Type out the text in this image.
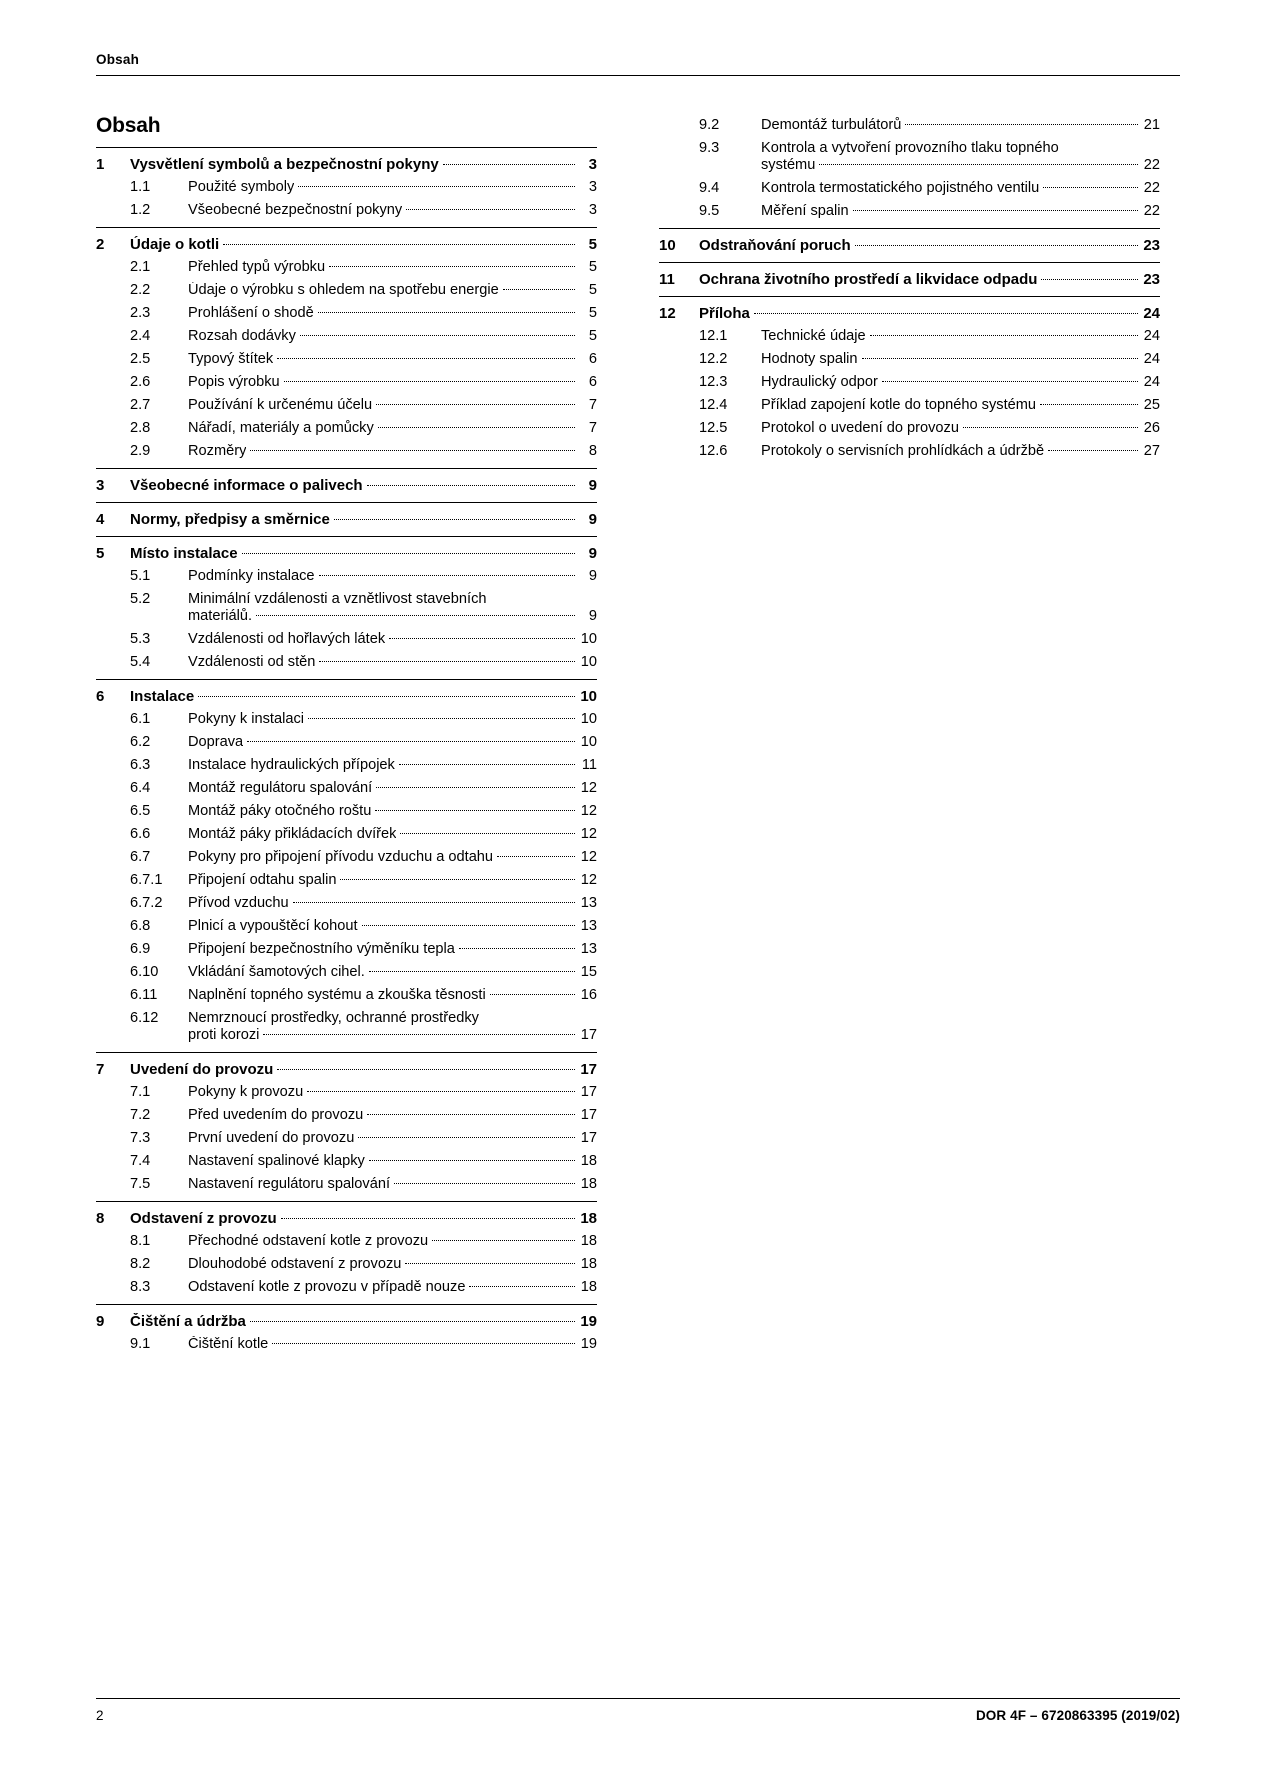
Obsah
Obsah
1	Vysvětlení symbolů a bezpečnostní pokyny	3
1.1	Použité symboly	3
1.2	Všeobecné bezpečnostní pokyny	3
2	Údaje o kotli	5
2.1	Přehled typů výrobku	5
2.2	Údaje o výrobku s ohledem na spotřebu energie	5
2.3	Prohlášení o shodě	5
2.4	Rozsah dodávky	5
2.5	Typový štítek	6
2.6	Popis výrobku	6
2.7	Používání k určenému účelu	7
2.8	Nářadí, materiály a pomůcky	7
2.9	Rozměry	8
3	Všeobecné informace o palivech	9
4	Normy, předpisy a směrnice	9
5	Místo instalace	9
5.1	Podmínky instalace	9
5.2	Minimální vzdálenosti a vznětlivost stavebních
materiálů.	9
5.3	Vzdálenosti od hořlavých látek	10
5.4	Vzdálenosti od stěn	10
6	Instalace	10
6.1	Pokyny k instalaci	10
6.2	Doprava	10
6.3	Instalace hydraulických přípojek	11
6.4	Montáž regulátoru spalování	12
6.5	Montáž páky otočného roštu	12
6.6	Montáž páky přikládacích dvířek	12
6.7	Pokyny pro připojení přívodu vzduchu a odtahu	12
6.7.1	Připojení odtahu spalin	12
6.7.2	Přívod vzduchu	13
6.8	Plnicí a vypouštěcí kohout	13
6.9	Připojení bezpečnostního výměníku tepla	13
6.10	Vkládání šamotových cihel.	15
6.11	Naplnění topného systému a zkouška těsnosti	16
6.12	Nemrznoucí prostředky, ochranné prostředky
proti korozi	17
7	Uvedení do provozu	17
7.1	Pokyny k provozu	17
7.2	Před uvedením do provozu	17
7.3	První uvedení do provozu	17
7.4	Nastavení spalinové klapky	18
7.5	Nastavení regulátoru spalování	18
8	Odstavení z provozu	18
8.1	Přechodné odstavení kotle z provozu	18
8.2	Dlouhodobé odstavení z provozu	18
8.3	Odstavení kotle z provozu v případě nouze	18
9	Čištění a údržba	19
9.1	Čištění kotle	19
9.2	Demontáž turbulátorů	21
9.3	Kontrola a vytvoření provozního tlaku topného
systému	22
9.4	Kontrola termostatického pojistného ventilu	22
9.5	Měření spalin	22
10	Odstraňování poruch	23
11	Ochrana životního prostředí a likvidace odpadu	23
12	Příloha	24
12.1	Technické údaje	24
12.2	Hodnoty spalin	24
12.3	Hydraulický odpor	24
12.4	Příklad zapojení kotle do topného systému	25
12.5	Protokol o uvedení do provozu	26
12.6	Protokoly o servisních prohlídkách a údržbě	27
2	DOR 4F – 6720863395 (2019/02)
